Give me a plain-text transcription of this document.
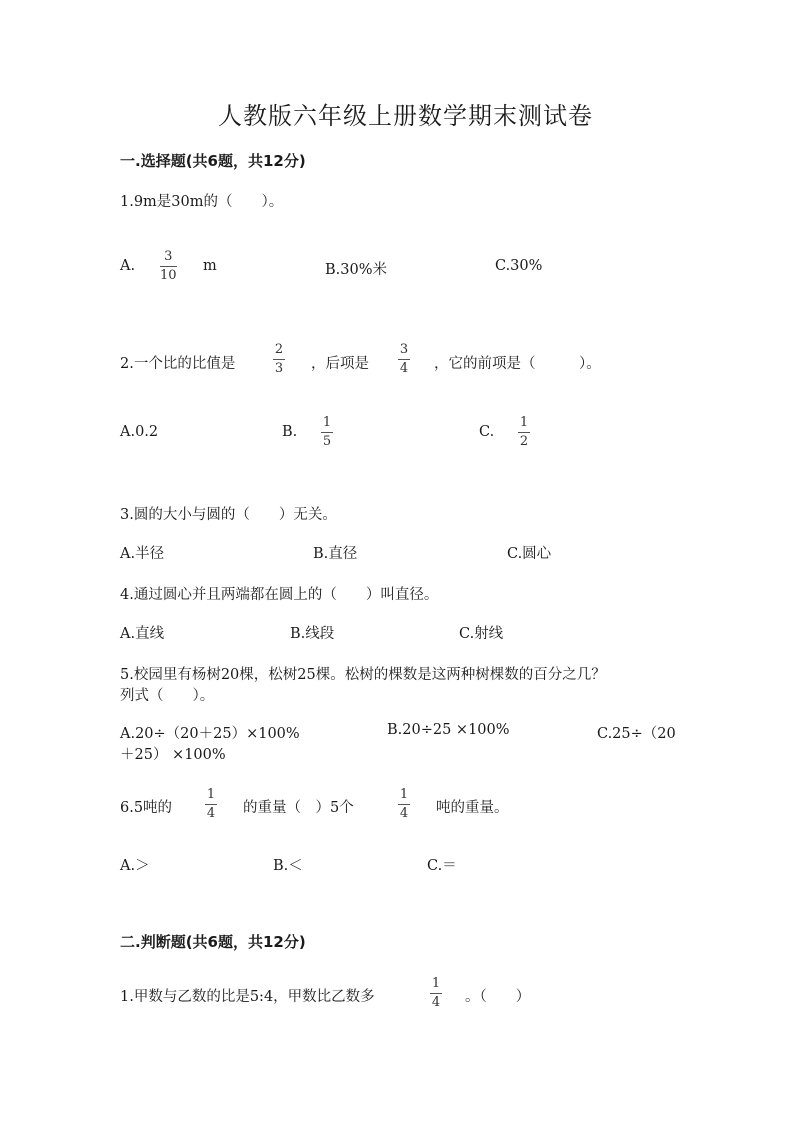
人教版六年级上册数学期末测试卷
一.选择题(共6题，共12分)
1.9m是30m的（　　）。
A.
3
10
m	B.30%米	C.30%
2.一个比的比值是
2
3 ，后项是
3
4 ，它的前项是（　　　）。
A.0.2	B.
1
5
C.
1
2
3.圆的大小与圆的（　　）无关。
A.半径	B.直径	C.圆心
4.通过圆心并且两端都在圆上的（　　）叫直径。
A.直线	B.线段	C.射线
5.校园里有杨树20棵，松树25棵。松树的棵数是这两种树棵数的百分之几？
列式（　　）。
A.20÷（20＋25）×100%	B.20÷25 ×100%	C.25÷（20
＋25） ×100%
6.5吨的
1
4 的重量（　）5个
1
4 吨的重量。
A.＞	B.＜	C.＝
二.判断题(共6题，共12分)
1.甲数与乙数的比是5:4，甲数比乙数多
1
4 。（　　）
